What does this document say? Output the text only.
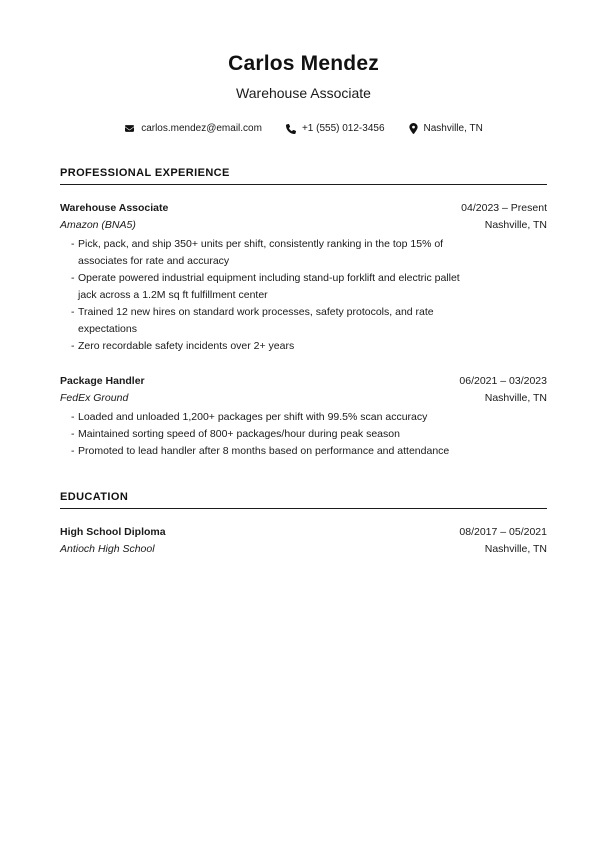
Carlos Mendez
Warehouse Associate
carlos.mendez@email.com	+1 (555) 012-3456	Nashville, TN
PROFESSIONAL EXPERIENCE
Warehouse Associate	04/2023 – Present
Amazon (BNA5)	Nashville, TN
- Pick, pack, and ship 350+ units per shift, consistently ranking in the top 15% of associates for rate and accuracy
- Operate powered industrial equipment including stand-up forklift and electric pallet jack across a 1.2M sq ft fulfillment center
- Trained 12 new hires on standard work processes, safety protocols, and rate expectations
- Zero recordable safety incidents over 2+ years
Package Handler	06/2021 – 03/2023
FedEx Ground	Nashville, TN
- Loaded and unloaded 1,200+ packages per shift with 99.5% scan accuracy
- Maintained sorting speed of 800+ packages/hour during peak season
- Promoted to lead handler after 8 months based on performance and attendance
EDUCATION
High School Diploma	08/2017 – 05/2021
Antioch High School	Nashville, TN
